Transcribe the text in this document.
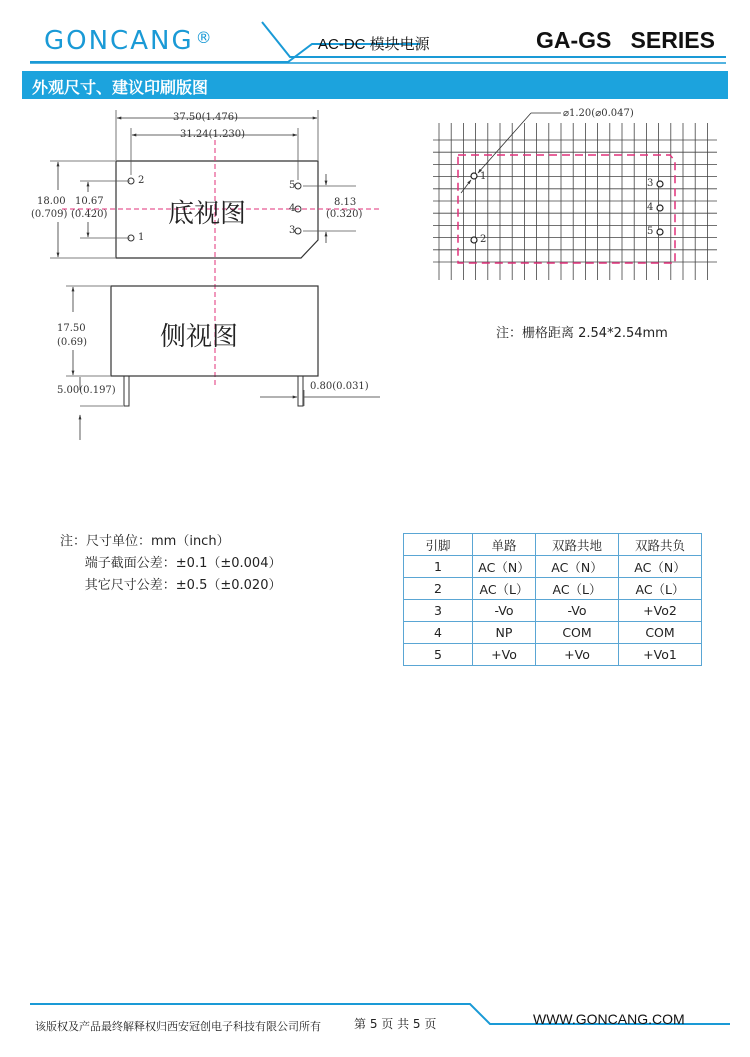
GONCANG ®	AC-DC 模块电源	GA-GS   SERIES
外观尺寸、建议印刷版图
37.50(1.476)
31.24(1.230)
18.00
(0.709)
10.67
(0.420)
8.13
(0.320)
2
1
5
4
3
底视图
侧视图
17.50
(0.69)
5.00(0.197)	0.80(0.031)
⌀1.20(⌀0.047)
1
2
3
4
5
注：栅格距离 2.54*2.54mm
注：尺寸单位：mm（inch）
端子截面公差：±0.1（±0.004）
其它尺寸公差：±0.5（±0.020）
引脚	单路	双路共地	双路共负
1	AC（N）	AC（N）	AC（N）
2	AC（L）	AC（L）	AC（L）
3	-Vo	-Vo	+Vo2
4	NP	COM	COM
5	+Vo	+Vo	+Vo1
该版权及产品最终解释权归西安冠创电子科技有限公司所有	第 5 页 共 5 页	WWW.GONCANG.COM
